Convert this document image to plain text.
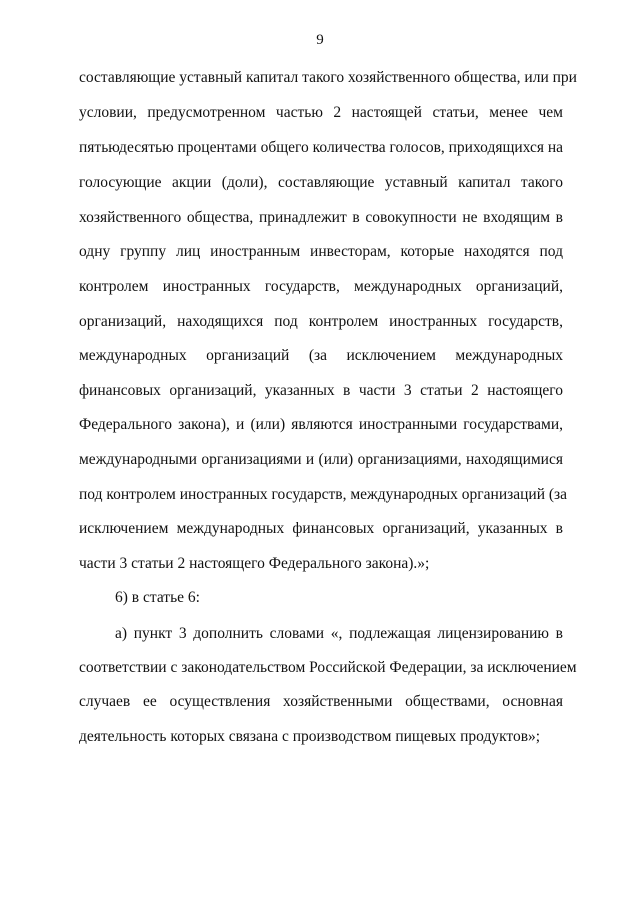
9
составляющие уставный капитал такого хозяйственного общества, или при
условии, предусмотренном частью 2 настоящей статьи, менее чем
пятьюдесятью процентами общего количества голосов, приходящихся на
голосующие акции (доли), составляющие уставный капитал такого
хозяйственного общества, принадлежит в совокупности не входящим в
одну группу лиц иностранным инвесторам, которые находятся под
контролем иностранных государств, международных организаций,
организаций, находящихся под контролем иностранных государств,
международных организаций (за исключением международных
финансовых организаций, указанных в части 3 статьи 2 настоящего
Федерального закона), и (или) являются иностранными государствами,
международными организациями и (или) организациями, находящимися
под контролем иностранных государств, международных организаций (за
исключением международных финансовых организаций, указанных в
части 3 статьи 2 настоящего Федерального закона).»;
6) в статье 6:
а) пункт 3 дополнить словами «, подлежащая лицензированию в
соответствии с законодательством Российской Федерации, за исключением
случаев ее осуществления хозяйственными обществами, основная
деятельность которых связана с производством пищевых продуктов»;
